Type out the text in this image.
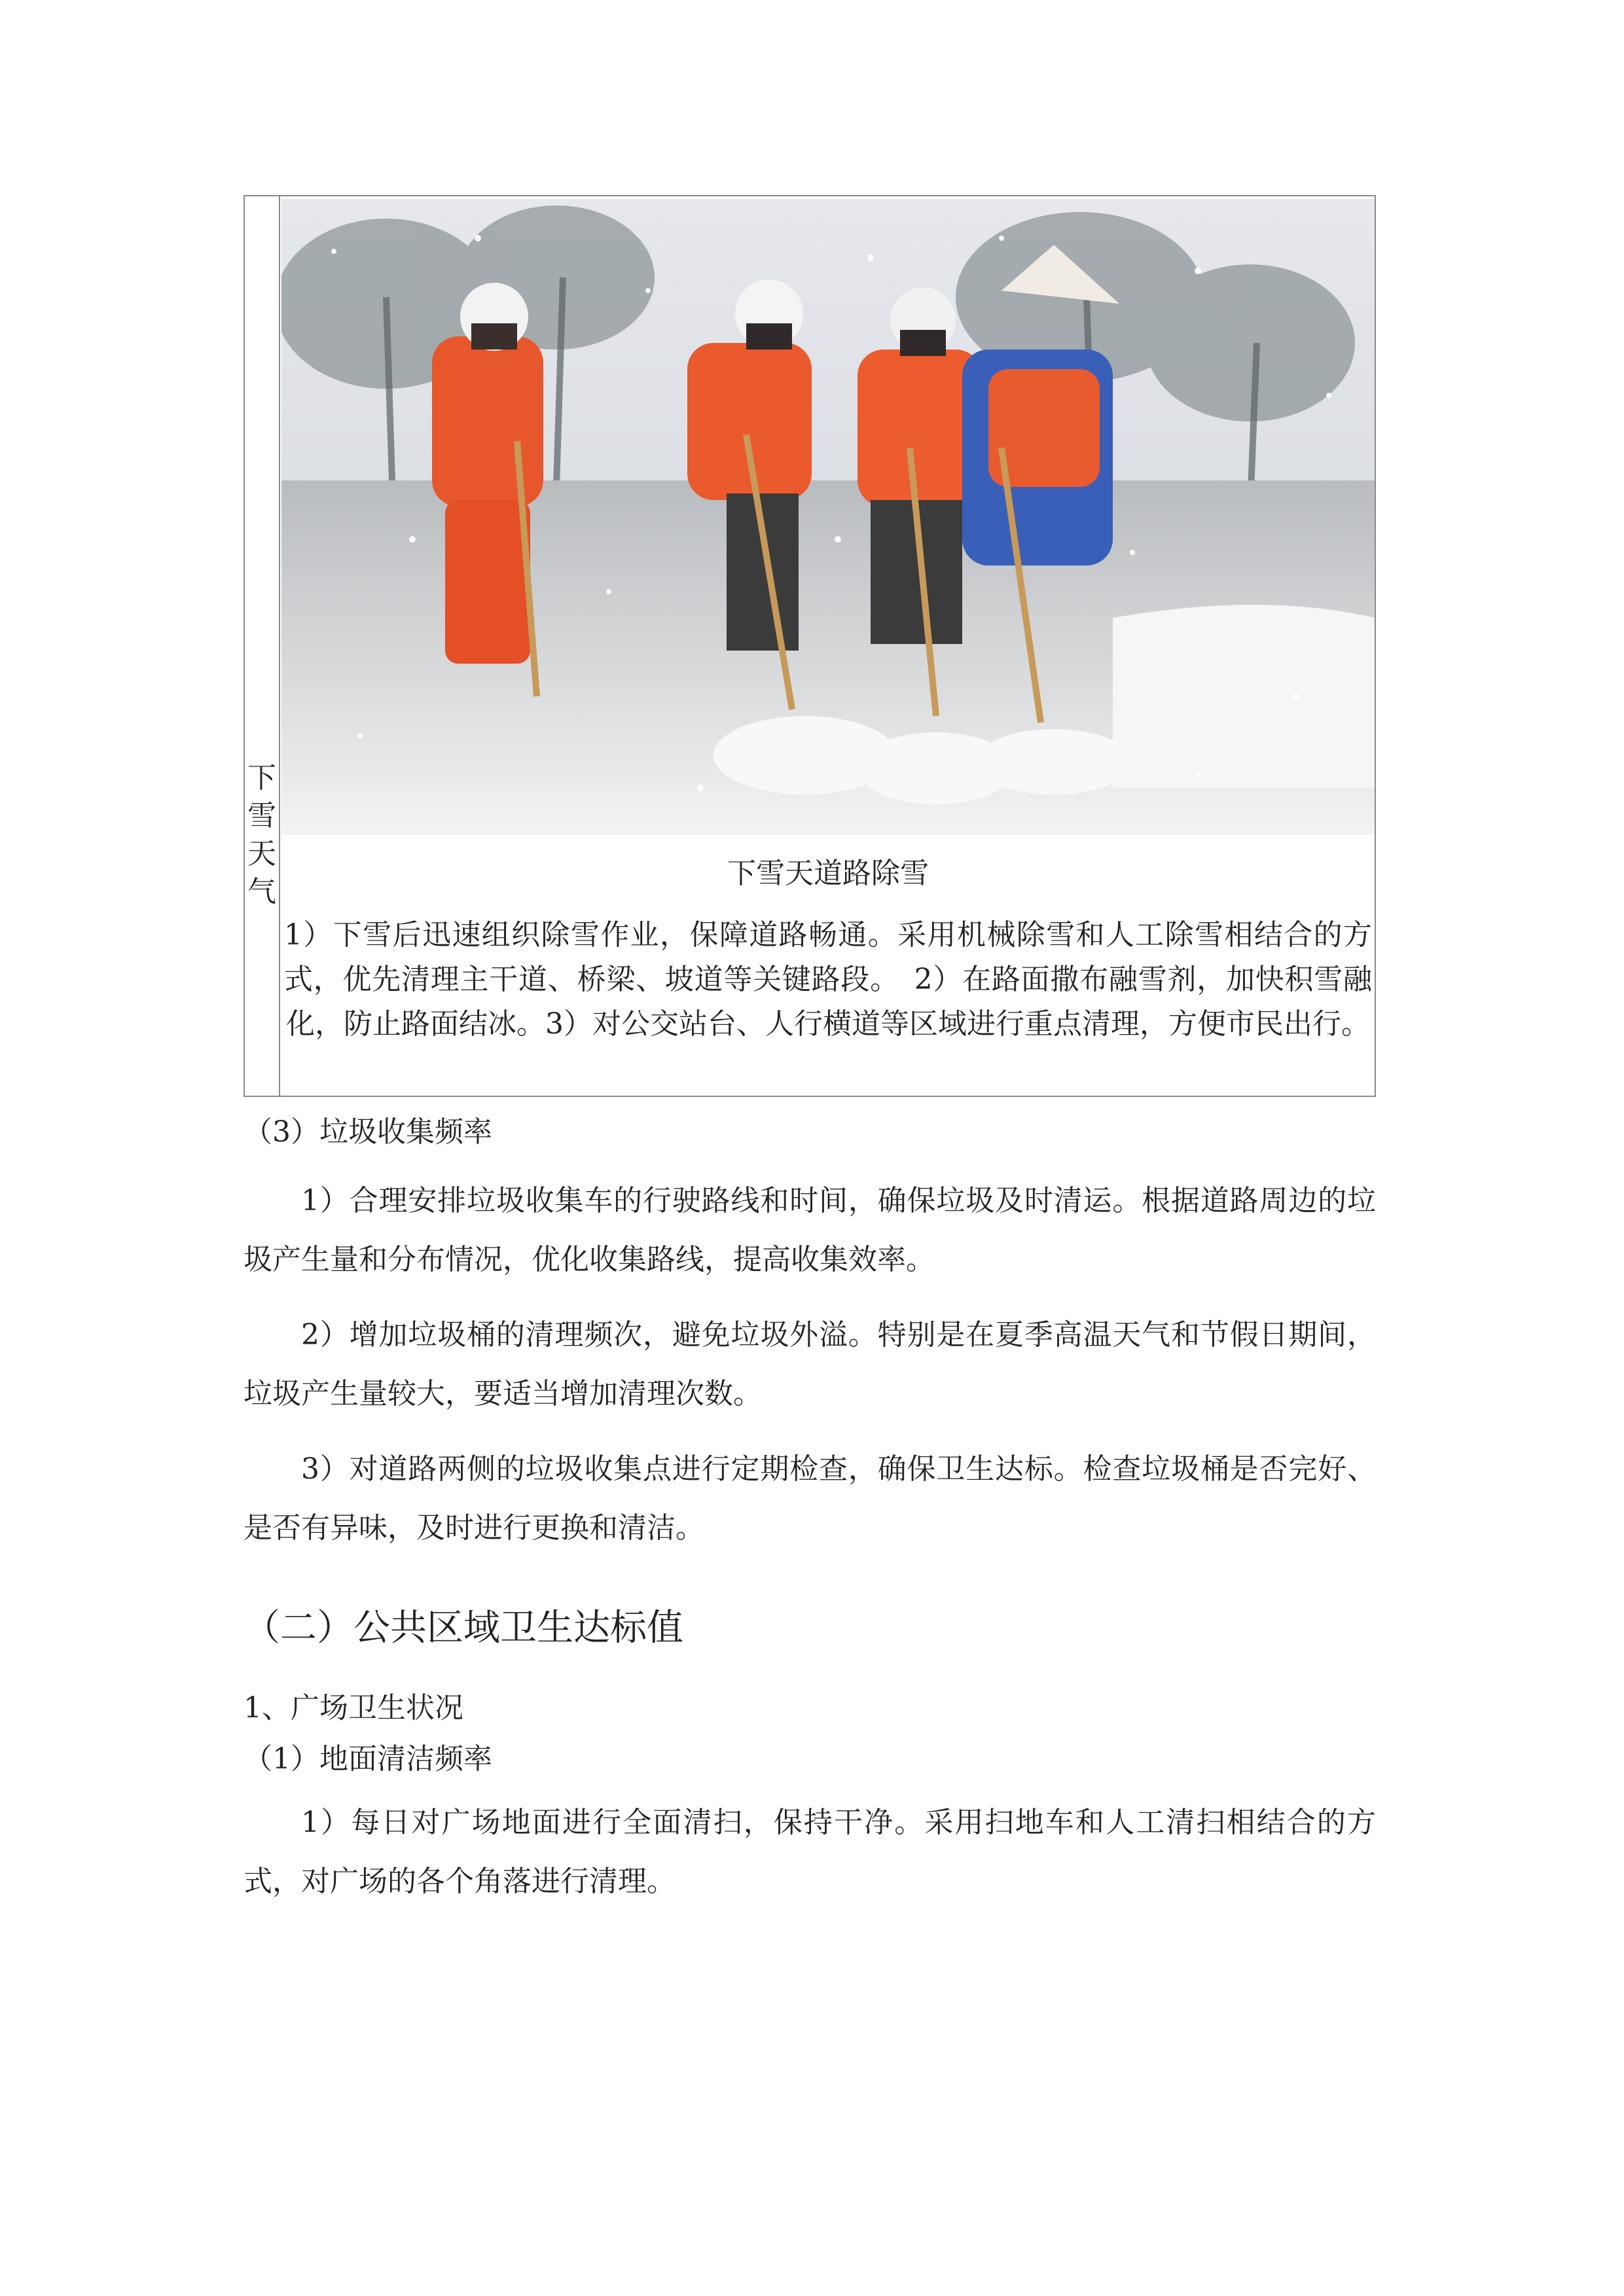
下
雪
天
气
下雪天道路除雪
1）下雪后迅速组织除雪作业，保障道路畅通。采用机械除雪和人工除雪相结合的方式，优先清理主干道、桥梁、坡道等关键路段。　2）在路面撒布融雪剂，加快积雪融化，防止路面结冰。3）对公交站台、人行横道等区域进行重点清理，方便市民出行。
（3）垃圾收集频率
1）合理安排垃圾收集车的行驶路线和时间，确保垃圾及时清运。根据道路周边的垃圾产生量和分布情况，优化收集路线，提高收集效率。
2）增加垃圾桶的清理频次，避免垃圾外溢。特别是在夏季高温天气和节假日期间，垃圾产生量较大，要适当增加清理次数。
3）对道路两侧的垃圾收集点进行定期检查，确保卫生达标。检查垃圾桶是否完好、是否有异味，及时进行更换和清洁。
（二）公共区域卫生达标值
1、广场卫生状况
（1）地面清洁频率
1）每日对广场地面进行全面清扫，保持干净。采用扫地车和人工清扫相结合的方式，对广场的各个角落进行清理。
